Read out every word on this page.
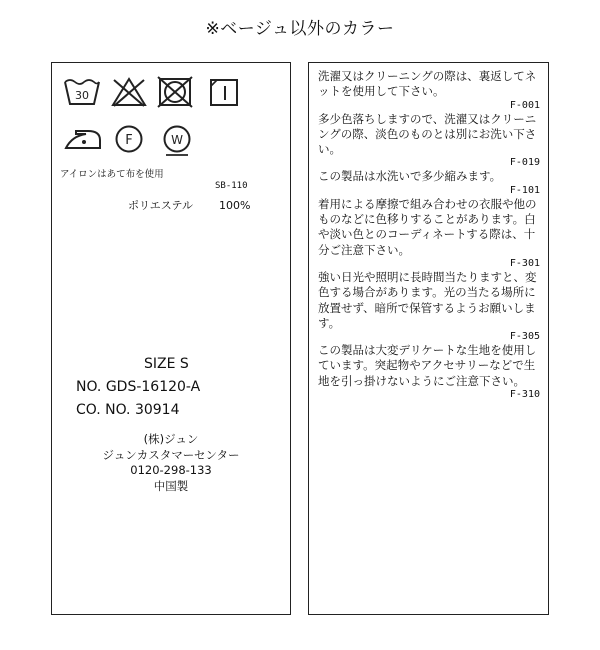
※ベージュ以外のカラー
30
F	W
アイロンはあて布を使用
SB-110
ポリエステル 100%
SIZE S
NO. GDS-16120-A
CO. NO. 30914
(株)ジュン
ジュンカスタマーセンター
0120-298-133
中国製
洗濯又はクリーニングの際は、裏返してネットを使用して下さい。
F-001
多少色落ちしますので、洗濯又はクリーニングの際、淡色のものとは別にお洗い下さい。
F-019
この製品は水洗いで多少縮みます。
F-101
着用による摩擦で組み合わせの衣服や他のものなどに色移りすることがあります。白や淡い色とのコーディネートする際は、十分ご注意下さい。
F-301
強い日光や照明に長時間当たりますと、変色する場合があります。光の当たる場所に放置せず、暗所で保管するようお願いします。
F-305
この製品は大変デリケートな生地を使用しています。突起物やアクセサリーなどで生地を引っ掛けないようにご注意下さい。
F-310
